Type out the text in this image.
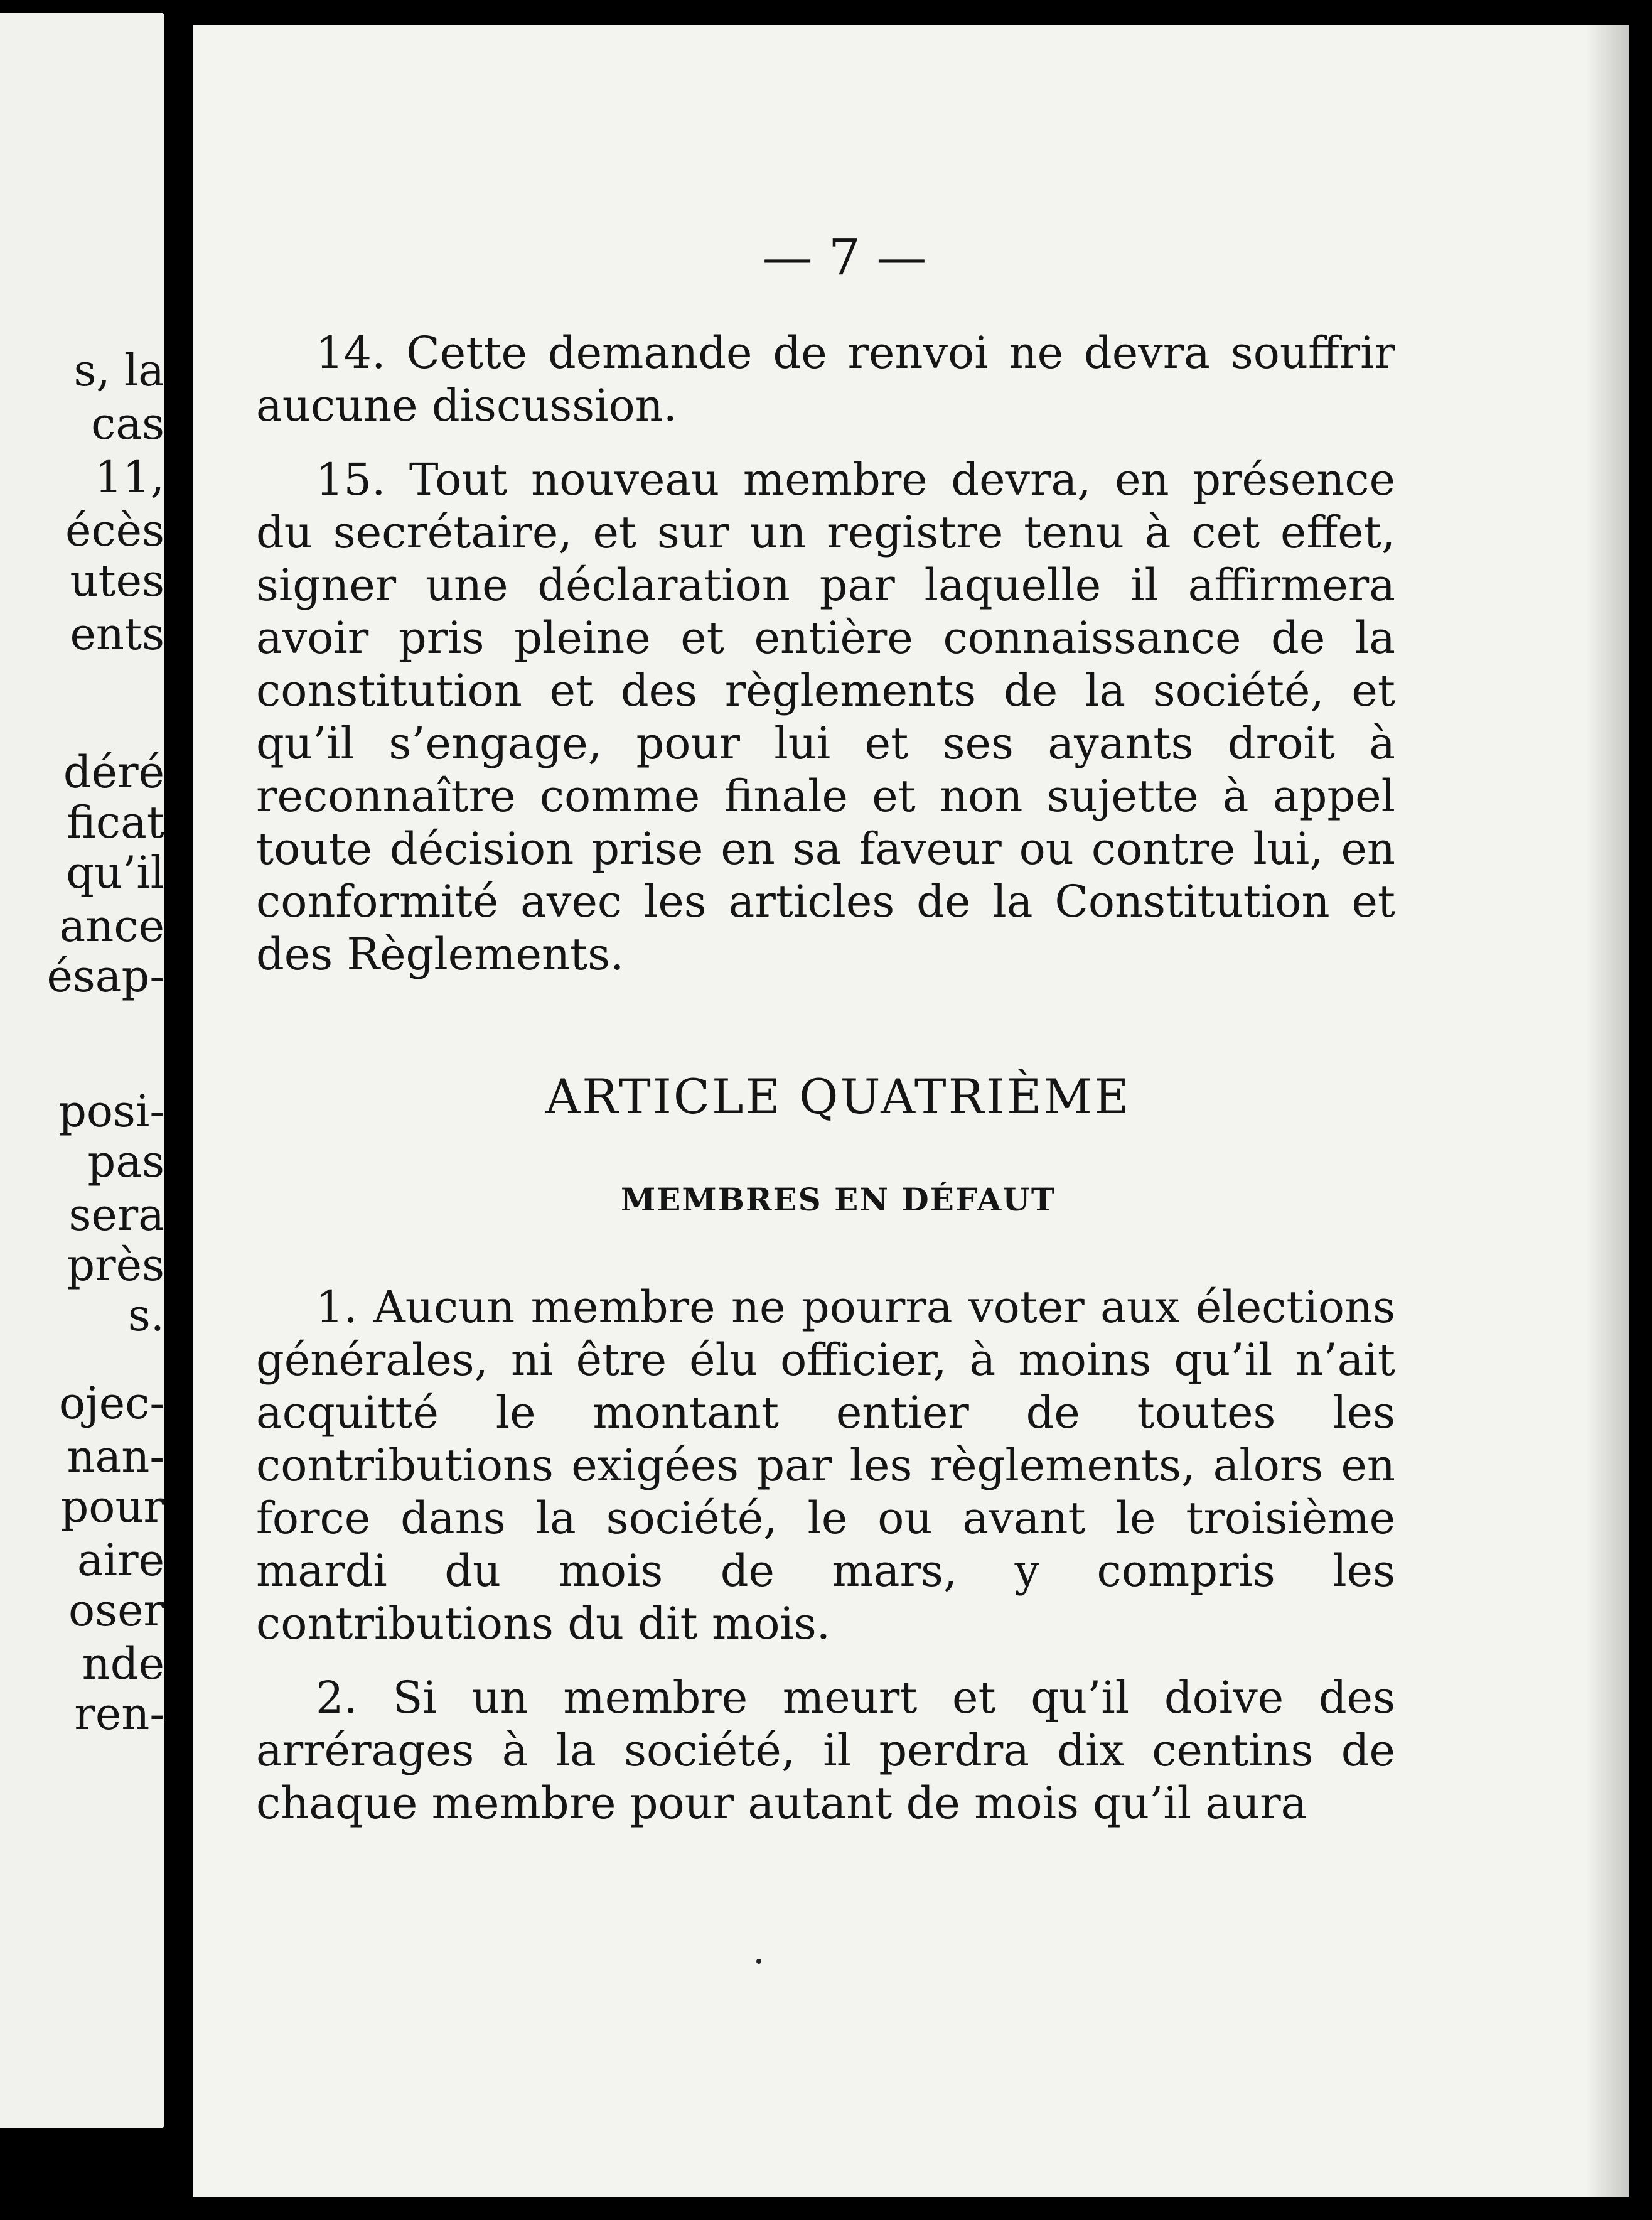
s, la
cas
11,
écès
utes
ents
déré
ficat
qu’il
ance
ésap-
posi-
pas
sera
près
s.
ojec-
nan-
pour
aire
oser
nde
ren-
— 7 —

14. Cette demande de renvoi ne devra souffrir aucune discussion.

15. Tout nouveau membre devra, en présence du secrétaire, et sur un registre tenu à cet effet, signer une déclaration par laquelle il affirmera avoir pris pleine et entière connaissance de la constitution et des règlements de la société, et qu’il s’engage, pour lui et ses ayants droit à reconnaître comme finale et non sujette à appel toute décision prise en sa faveur ou contre lui, en conformité avec les articles de la Constitution et des Règlements.

ARTICLE QUATRIÈME
MEMBRES EN DÉFAUT

1. Aucun membre ne pourra voter aux élections générales, ni être élu officier, à moins qu’il n’ait acquitté le montant entier de toutes les contributions exigées par les règlements, alors en force dans la société, le ou avant le troisième mardi du mois de mars, y compris les contributions du dit mois.

2. Si un membre meurt et qu’il doive des arrérages à la société, il perdra dix centins de chaque membre pour autant de mois qu’il aura
